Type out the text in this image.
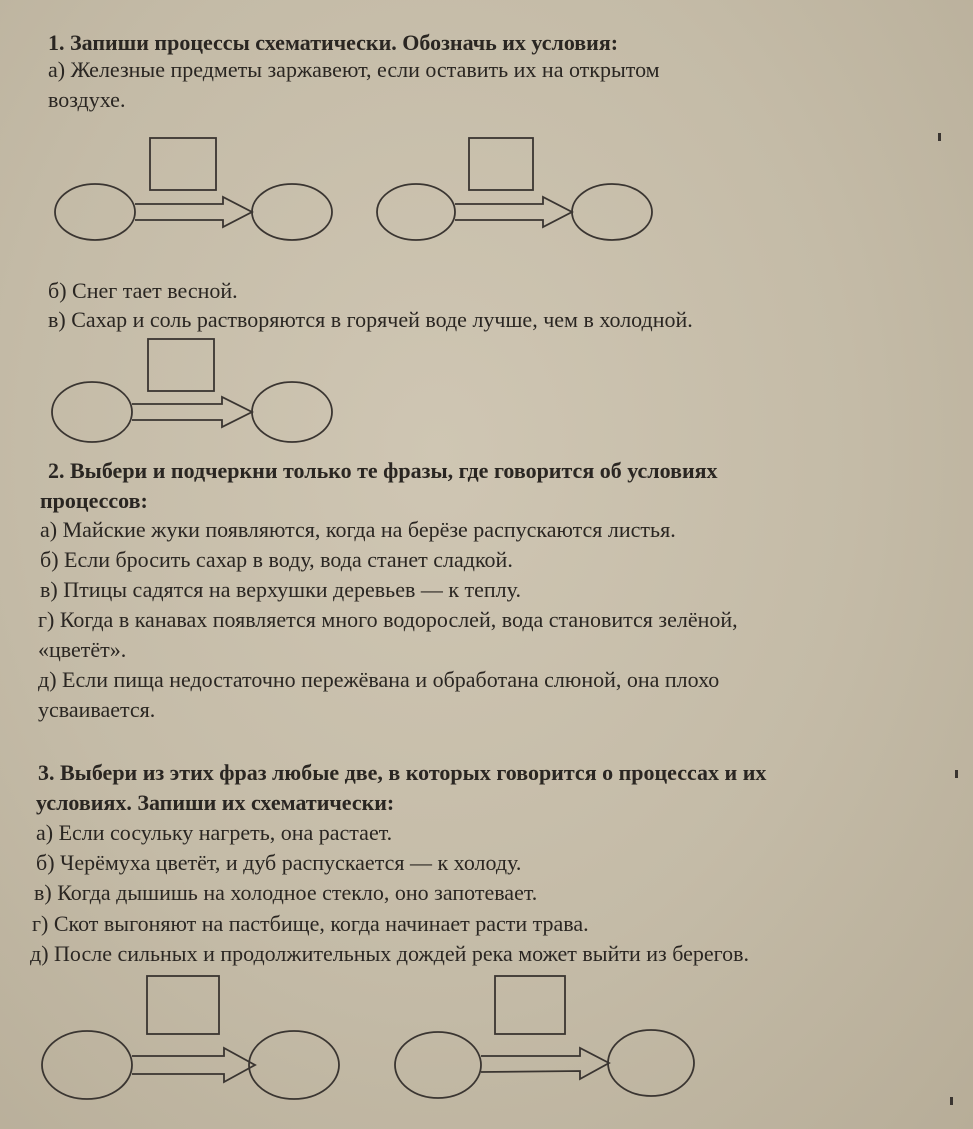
1. Запиши процессы схематически. Обозначь их условия:
а) Железные предметы заржавеют, если оставить их на открытом
воздухе.
б) Снег тает весной.
в) Сахар и соль растворяются в горячей воде лучше, чем в холодной.
2. Выбери и подчеркни только те фразы, где говорится об условиях
процессов:
а) Майские жуки появляются, когда на берёзе распускаются листья.
б) Если бросить сахар в воду, вода станет сладкой.
в) Птицы садятся на верхушки деревьев — к теплу.
г) Когда в канавах появляется много водорослей, вода становится зелёной,
«цветёт».
д) Если пища недостаточно пережёвана и обработана слюной, она плохо
усваивается.
3. Выбери из этих фраз любые две, в которых говорится о процессах и их
условиях. Запиши их схематически:
а) Если сосульку нагреть, она растает.
б) Черёмуха цветёт, и дуб распускается — к холоду.
в) Когда дышишь на холодное стекло, оно запотевает.
г) Скот выгоняют на пастбище, когда начинает расти трава.
д) После сильных и продолжительных дождей река может выйти из берегов.
